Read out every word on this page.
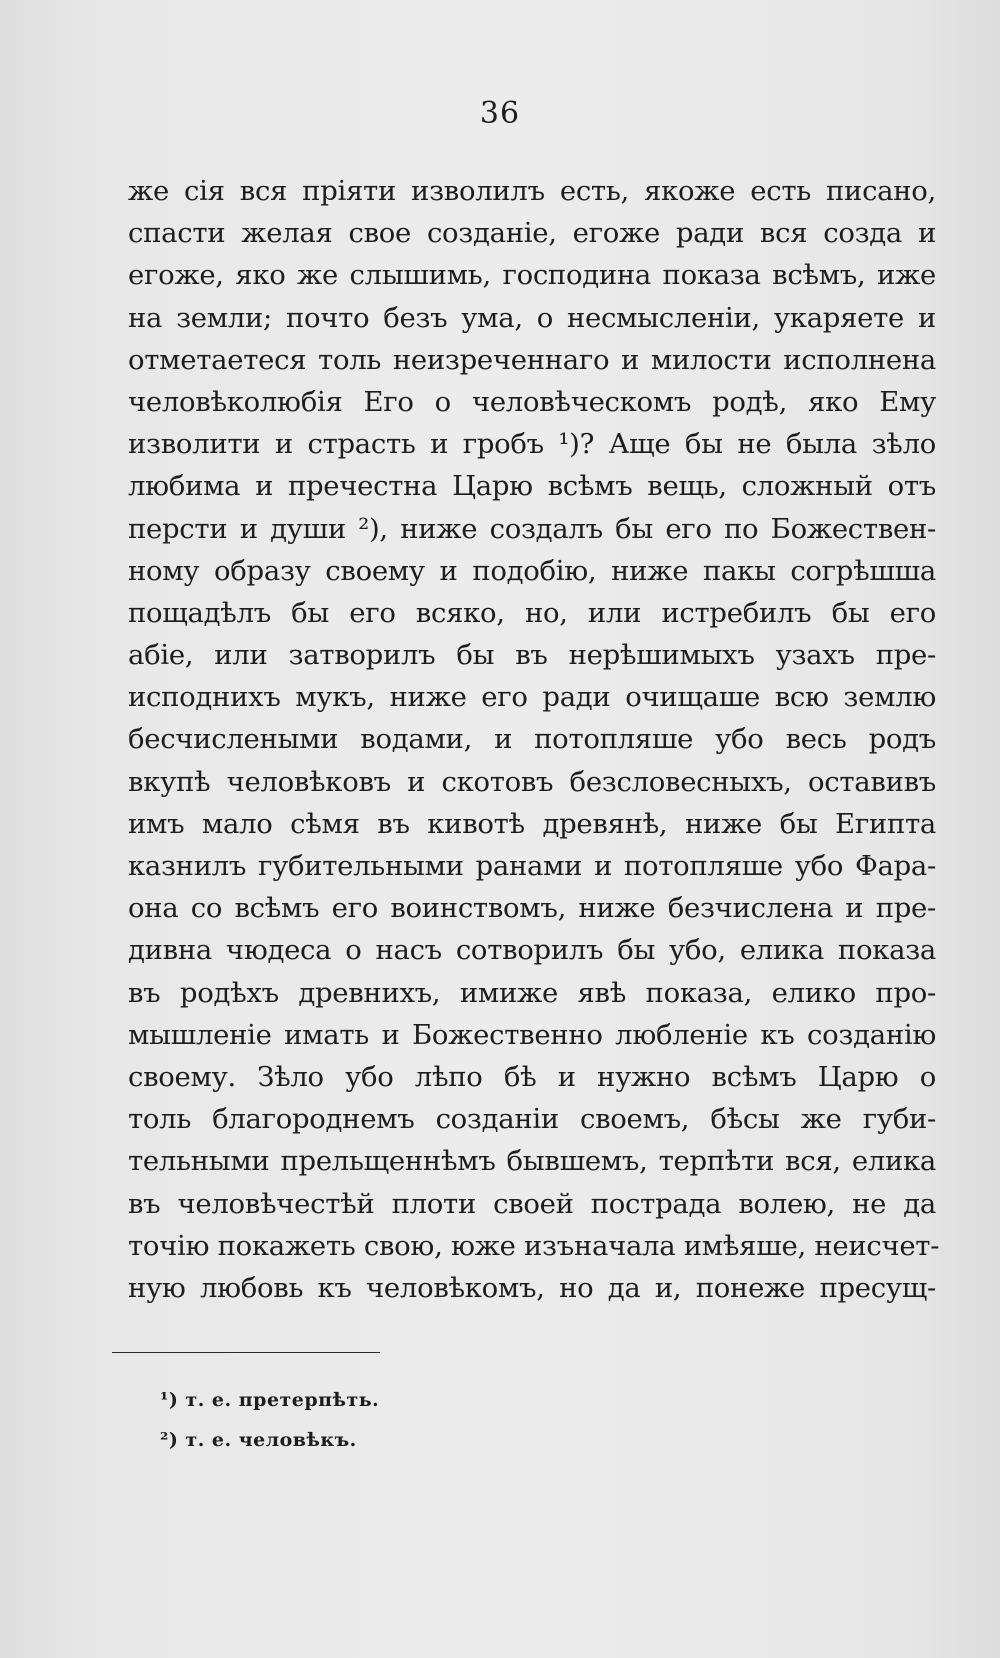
36
же сія вся пріяти изволилъ есть, якоже есть писано,
спасти желая свое созданіе, егоже ради вся созда и
егоже, яко же слышимь, господина показа всѣмъ, иже
на земли; почто безъ ума, о несмысленіи, укаряете и
отметаетеся толь неизреченнаго и милости исполнена
человѣколюбія Его о человѣческомъ родѣ, яко Ему
изволити и страсть и гробъ ¹)? Аще бы не была зѣло
любима и пречестна Царю всѣмъ вещь, сложный отъ
персти и души ²), ниже создалъ бы его по Божествен-
ному образу своему и подобію, ниже пакы согрѣшша
пощадѣлъ бы его всяко, но, или истребилъ бы его
абіе, или затворилъ бы въ нерѣшимыхъ узахъ пре-
исподнихъ мукъ, ниже его ради очищаше всю землю
бесчислеными водами, и потопляше убо весь родъ
вкупѣ человѣковъ и скотовъ безсловесныхъ, оставивъ
имъ мало сѣмя въ кивотѣ древянѣ, ниже бы Египта
казнилъ губительными ранами и потопляше убо Фара-
она со всѣмъ его воинствомъ, ниже безчислена и пре-
дивна чюдеса о насъ сотворилъ бы убо, елика показа
въ родѣхъ древнихъ, имиже явѣ показа, елико про-
мышленіе имать и Божественно любленіе къ созданію
своему. Зѣло убо лѣпо бѣ и нужно всѣмъ Царю о
толь благороднемъ созданіи своемъ, бѣсы же губи-
тельными прельщеннѣмъ бывшемъ, терпѣти вся, елика
въ человѣчестѣй плоти своей пострада волею, не да
точію покажеть свою, юже изъначала имѣяше, неисчет-
ную любовь къ человѣкомъ, но да и, понеже пресущ-
¹) т. е. претерпѣть.
²) т. е. человѣкъ.
